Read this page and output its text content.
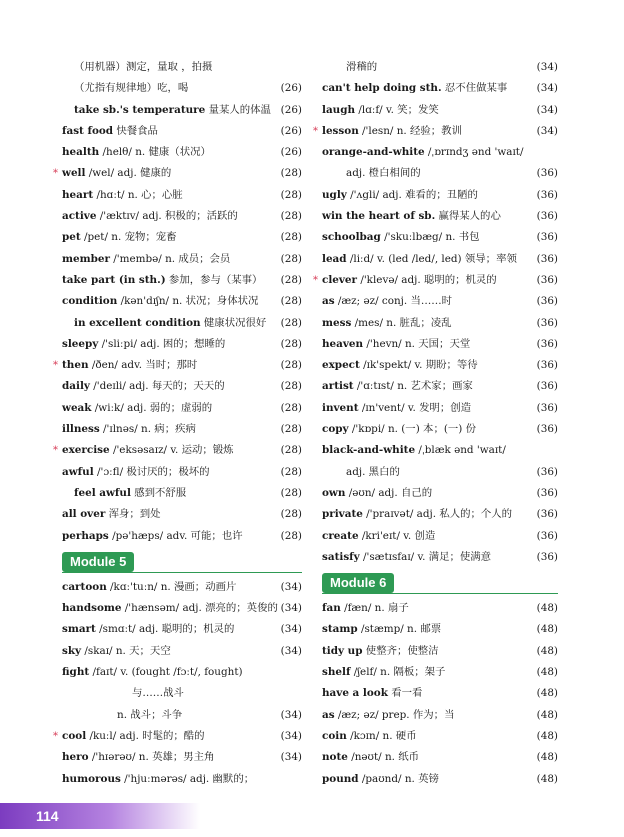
（用机器）测定，量取 ，拍摄
（尤指有规律地）吃，喝	(26)
take sb.'s temperature 量某人的体温 (26)
fast food 快餐食品	(26)
health /helθ/ n. 健康（状况）	(26)
* well /wel/ adj. 健康的	(28)
heart /hɑːt/ n. 心；心脏	(28)
active /'æktɪv/ adj. 积极的；活跃的	(28)
pet /pet/ n. 宠物；宠畜	(28)
member /'membə/ n. 成员；会员	(28)
take part (in sth.) 参加，参与（某事） (28)
condition /kən'dɪʃn/ n. 状况；身体状况 (28)
in excellent condition 健康状况很好 (28)
sleepy /'sliːpi/ adj. 困的；想睡的	(28)
* then /ðen/ adv. 当时；那时	(28)
daily /'deɪli/ adj. 每天的；天天的	(28)
weak /wiːk/ adj. 弱的；虚弱的	(28)
illness /'ɪlnəs/ n. 病；疾病	(28)
* exercise /'eksəsaɪz/ v. 运动；锻炼	(28)
awful /'ɔːfl/ 极讨厌的；极坏的	(28)
feel awful 感到不舒服	(28)
all over 浑身；到处	(28)
perhaps /pə'hæps/ adv. 可能；也许	(28)
Module 5
cartoon /kɑː'tuːn/ n. 漫画；动画片	(34)
handsome /'hænsəm/ adj. 漂亮的；英俊的 (34)
smart /smɑːt/ adj. 聪明的；机灵的	(34)
sky /skaɪ/ n. 天；天空	(34)
fight /faɪt/ v. (fought /fɔːt/, fought)
与……战斗
n. 战斗；斗争	(34)
* cool /kuːl/ adj. 时髦的；酷的	(34)
hero /'hɪərəʊ/ n. 英雄；男主角	(34)
humorous /'hjuːmərəs/ adj. 幽默的；
滑稽的	(34)
can't help doing sth. 忍不住做某事	(34)
laugh /lɑːf/ v. 笑；发笑	(34)
* lesson /'lesn/ n. 经验；教训	(34)
orange-and-white /ˌɒrɪndʒ ənd 'waɪt/
adj. 橙白相间的	(36)
ugly /'ʌgli/ adj. 难看的；丑陋的	(36)
win the heart of sb. 赢得某人的心	(36)
schoolbag /'skuːlbæg/ n. 书包	(36)
lead /liːd/ v. (led /led/, led) 领导；率领 (36)
* clever /'klevə/ adj. 聪明的；机灵的	(36)
as /æz; əz/ conj. 当……时	(36)
mess /mes/ n. 脏乱；凌乱	(36)
heaven /'hevn/ n. 天国；天堂	(36)
expect /ɪk'spekt/ v. 期盼；等待	(36)
artist /'ɑːtɪst/ n. 艺术家；画家	(36)
invent /ɪn'vent/ v. 发明；创造	(36)
copy /'kɒpi/ n. (一) 本；(一) 份	(36)
black-and-white /ˌblæk ənd 'waɪt/
adj. 黑白的	(36)
own /əʊn/ adj. 自己的	(36)
private /'praɪvət/ adj. 私人的；个人的 (36)
create /kri'eɪt/ v. 创造	(36)
satisfy /'sætɪsfaɪ/ v. 满足；使满意	(36)
Module 6
fan /fæn/ n. 扇子	(48)
stamp /stæmp/ n. 邮票	(48)
tidy up 使整齐；使整洁	(48)
shelf /ʃelf/ n. 隔板；架子	(48)
have a look 看一看	(48)
as /æz; əz/ prep. 作为；当	(48)
coin /kɔɪn/ n. 硬币	(48)
note /nəʊt/ n. 纸币	(48)
pound /paʊnd/ n. 英镑	(48)
114
